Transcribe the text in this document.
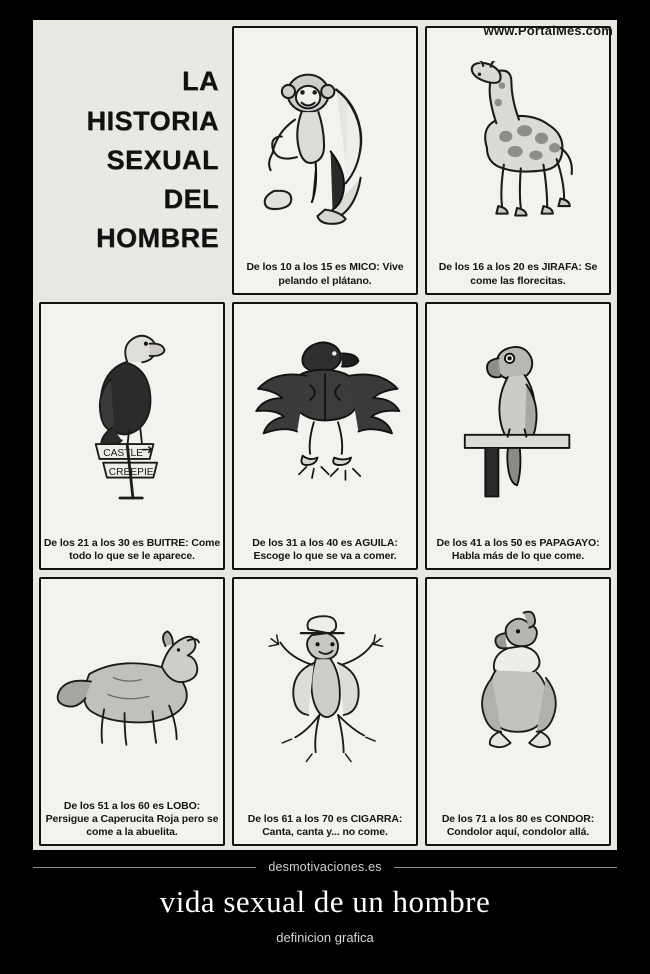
www.PortalMes.com
LA
HISTORIA
SEXUAL
DEL
HOMBRE
De los 10 a los 15 es MICO: Vive pelando el plátano.
De los 16 a los 20 es JIRAFA: Se come las florecitas.
CASTLE
CREEPIE
De los 21 a los 30 es BUITRE: Come todo lo que se le aparece.
De los 31 a los 40 es AGUILA: Escoge lo que se va a comer.
De los 41 a los 50 es PAPAGAYO: Habla más de lo que come.
De los 51 a los 60 es LOBO: Persigue a Caperucita Roja pero se come a la abuelita.
De los 61 a los 70 es CIGARRA: Canta, canta y... no come.
De los 71 a los 80 es CONDOR: Condolor aquí, condolor allá.
desmotivaciones.es
vida sexual de un hombre
definicion grafica
